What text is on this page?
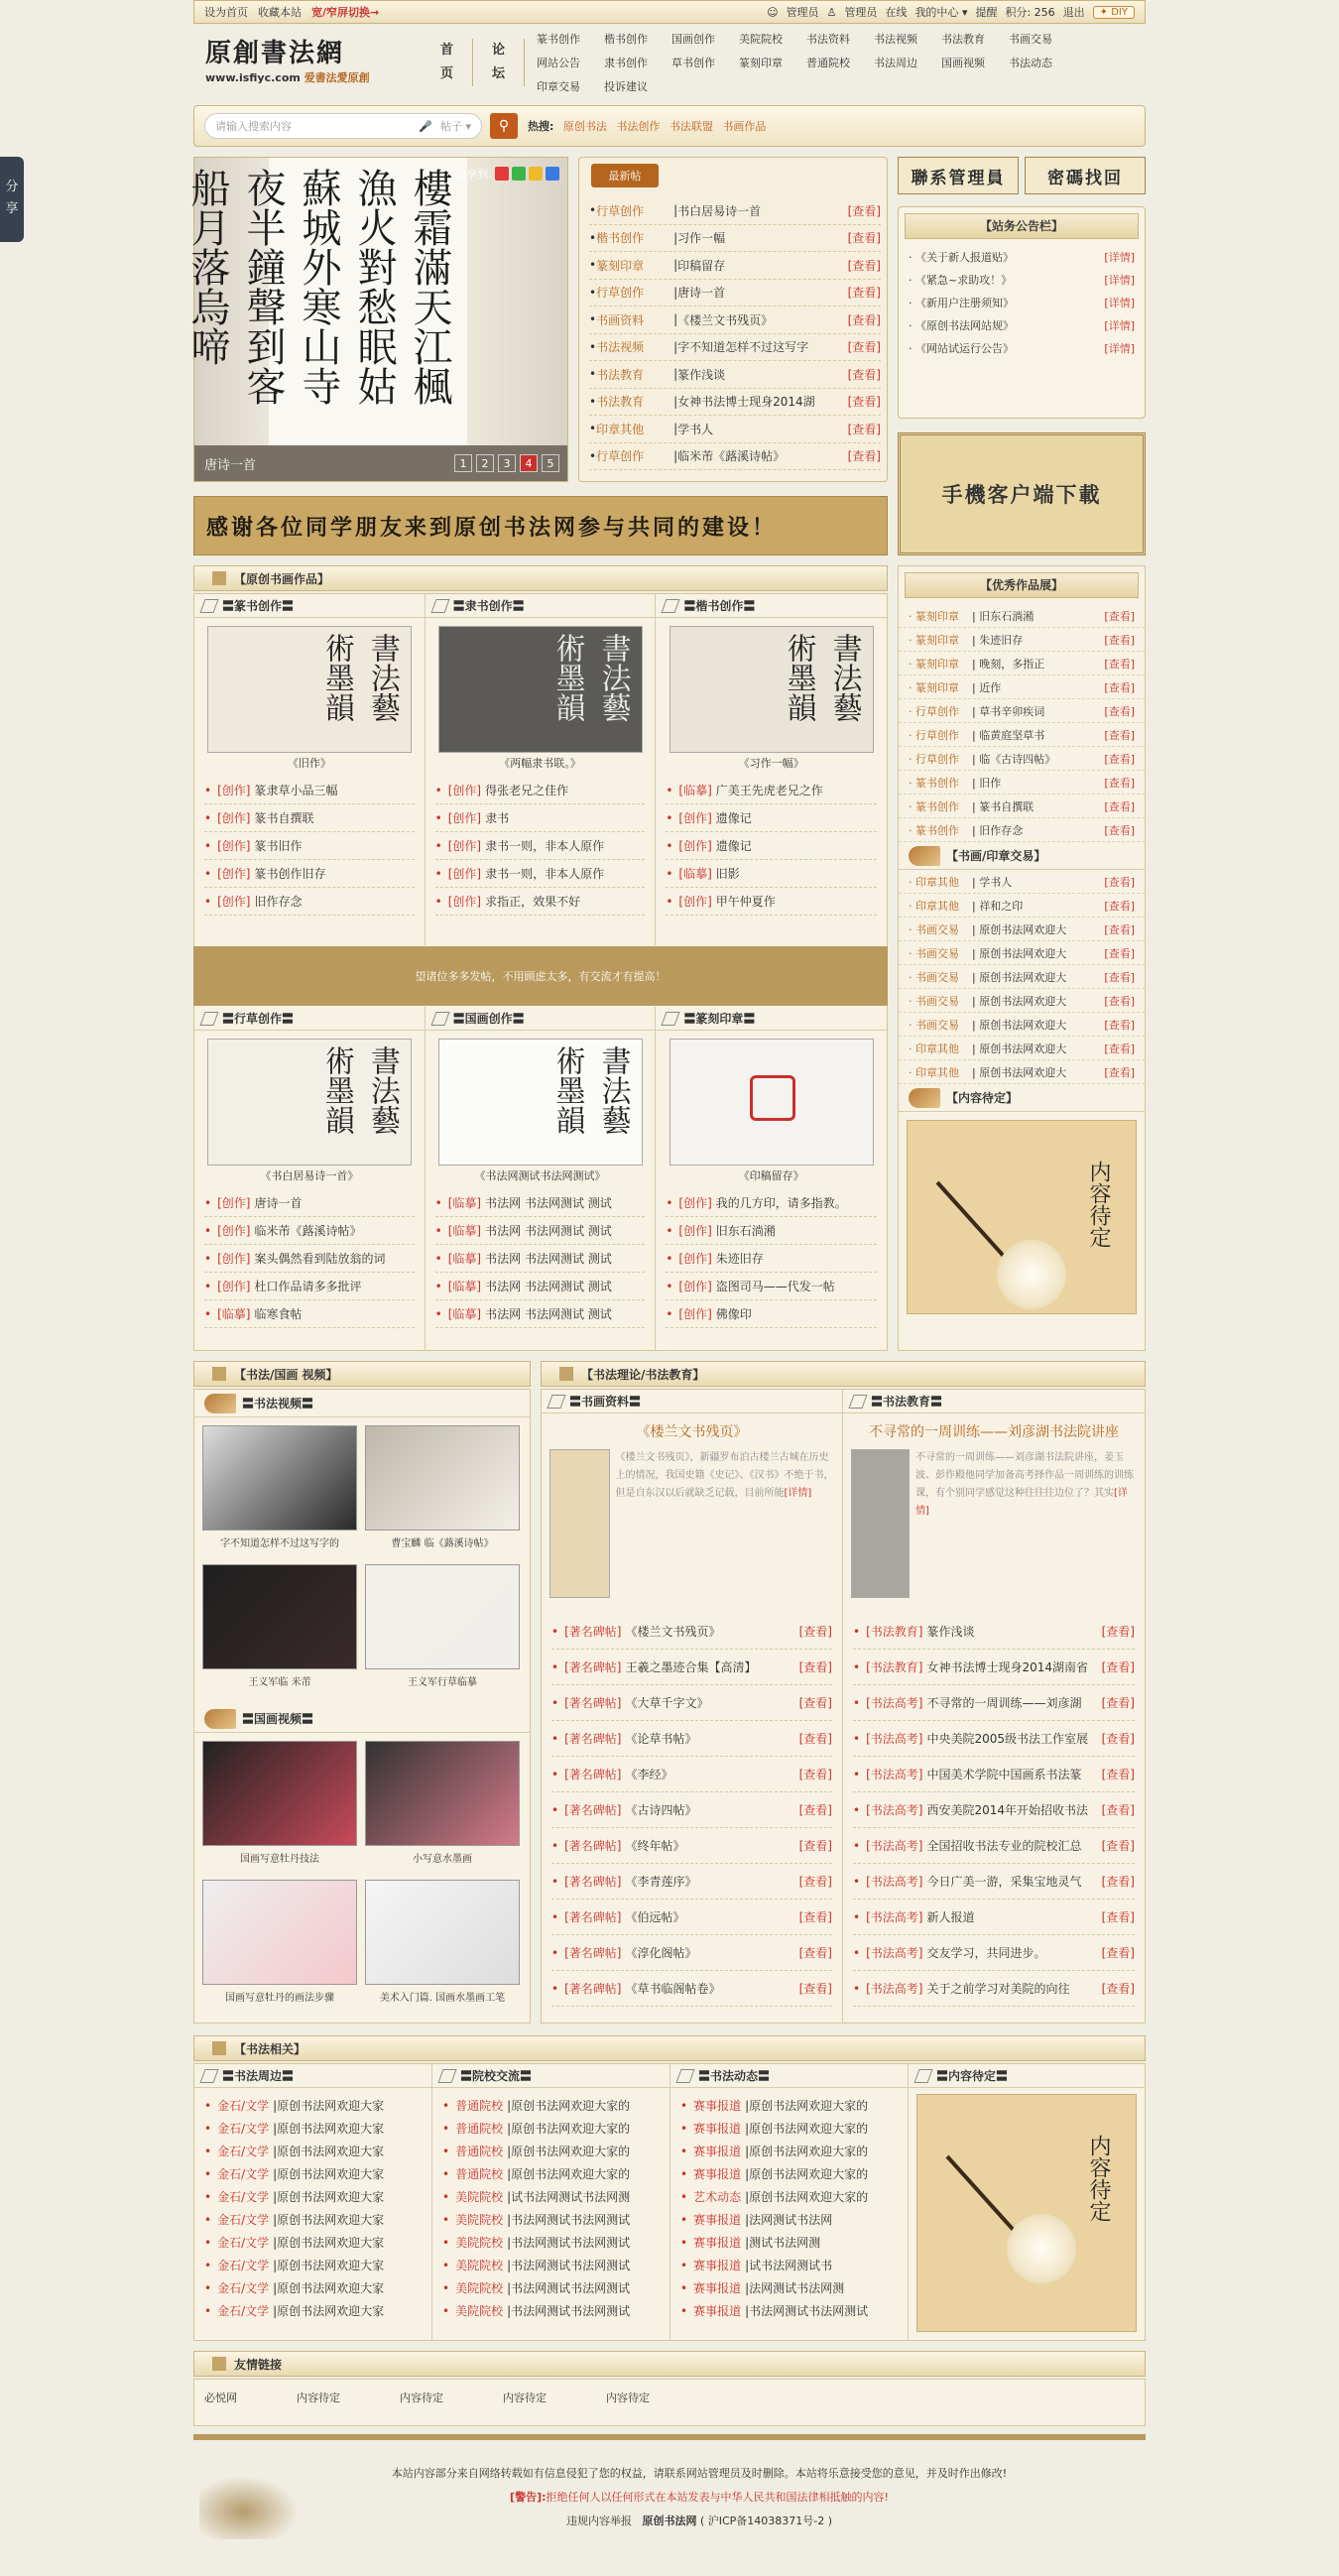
设为首页 收藏本站 宽/窄屏切换→	☺ 管理员 ♙ 管理员 在线 我的中心 ▾ 提醒 积分: 256 退出	✦ DIY
原創書法網
www.isfiyc.com 爱書法愛原創
首
页
论
坛
篆书创作	楷书创作	国画创作	美院院校	书法资料	书法视频	书法教育	书画交易
网站公告	隶书创作	草书创作	篆刻印章	普通院校	书法周边	国画视频	书法动态
印章交易	投诉建议
请输入搜索内容	🎤 帖子 ▾ ⚲ 热搜: 原创书法 书法创作 书法联盟 书画作品
分享	樓霜滿天江楓漁火對愁眠姑蘇城外寒山寺夜半鐘聲到客船月落烏啼	分享到:
唐诗一首	1	2	3	4	5
最新帖
• 行草创作	| 书白居易诗一首	[查看]
• 楷书创作	| 习作一幅	[查看]
• 篆刻印章	| 印稿留存	[查看]
• 行草创作	| 唐诗一首	[查看]
• 书画资料	| 《楼兰文书残页》	[查看]
• 书法视频	| 字不知道怎样不过这写字	[查看]
• 书法教育	| 篆作浅谈	[查看]
• 书法教育	| 女神书法博士现身2014湖	[查看]
• 印章其他	| 学书人	[查看]
• 行草创作	| 临米芾《蕗溪诗帖》	[查看]
聯系管理員	密碼找回
【站务公告栏】
· 《关于新人报道贴》	[详情]
· 《紧急~求助攻！》	[详情]
· 《新用户注册须知》	[详情]
· 《原创书法网站规》	[详情]
· 《网站试运行公告》	[详情]
手機客户端下載
感谢各位同学朋友来到原创书法网参与共同的建设！
【原创书画作品】
〓篆书创作〓
書法藝術墨韻
《旧作》
• [创作] 篆隶草小品三幅
• [创作] 篆书自撰联
• [创作] 篆书旧作
• [创作] 篆书创作旧存
• [创作] 旧作存念
〓隶书创作〓
書法藝術墨韻
《两幅隶书联。》
• [创作] 得张老兄之佳作
• [创作] 隶书
• [创作] 隶书一则，非本人原作
• [创作] 隶书一则，非本人原作
• [创作] 求指正，效果不好
〓楷书创作〓
書法藝術墨韻
《习作一幅》
• [临摹] 广美王先虎老兄之作
• [创作] 遗像记
• [创作] 遗像记
• [临摹] 旧影
• [创作] 甲午仲夏作
〓行草创作〓
書法藝術墨韻
《书白居易诗一首》
• [创作] 唐诗一首
• [创作] 临米芾《蕗溪诗帖》
• [创作] 案头偶然看到陆放翁的词
• [创作] 杜口作品请多多批评
• [临摹] 临寒食帖
〓国画创作〓
書法藝術墨韻
《书法网测试书法网测试》
• [临摹] 书法网 书法网测试 测试
• [临摹] 书法网 书法网测试 测试
• [临摹] 书法网 书法网测试 测试
• [临摹] 书法网 书法网测试 测试
• [临摹] 书法网 书法网测试 测试
〓篆刻印章〓
《印稿留存》
• [创作] 我的几方印，请多指教。
• [创作] 旧东石淌潲
• [创作] 朱迹旧存
• [创作] 盗图司马——代发一帖
• [创作] 佛像印
望诸位多多发帖，不用顾虑太多，有交流才有提高！
【优秀作品展】
· 篆刻印章	| 旧东石淌潲	[查看]
· 篆刻印章	| 朱迹旧存	[查看]
· 篆刻印章	| 晚刻，多指正	[查看]
· 篆刻印章	| 近作	[查看]
· 行草创作	| 草书辛卯疾词	[查看]
· 行草创作	| 临黄庭坚草书	[查看]
· 行草创作	| 临《古诗四帖》	[查看]
· 篆书创作	| 旧作	[查看]
· 篆书创作	| 篆书自撰联	[查看]
· 篆书创作	| 旧作存念	[查看]
【书画/印章交易】
· 印章其他	| 学书人	[查看]
· 印章其他	| 祥和之印	[查看]
· 书画交易	| 原创书法网欢迎大	[查看]
· 书画交易	| 原创书法网欢迎大	[查看]
· 书画交易	| 原创书法网欢迎大	[查看]
· 书画交易	| 原创书法网欢迎大	[查看]
· 书画交易	| 原创书法网欢迎大	[查看]
· 印章其他	| 原创书法网欢迎大	[查看]
· 印章其他	| 原创书法网欢迎大	[查看]
【内容待定】
内容待定
【书法/国画 视频】
〓书法视频〓
字不知道怎样不过这写字的	曹宝麟 临《蕗溪诗帖》
王义军临 米芾	王义军行草临摹
〓国画视频〓
国画写意牡丹技法	小写意水墨画
国画写意牡丹的画法步骤	美术入门篇. 国画水墨画工笔
【书法理论/书法教育】
〓书画资料〓
《楼兰文书残页》
《楼兰文书残页》，新疆罗布泊古楼兰古城在历史上的情况，我国史籍《史记》、《汉书》不绝于书，但是自东汉以后就缺乏记载，目前所能[详情]
• [著名碑帖] 《楼兰文书残页》	[查看]
• [著名碑帖] 王羲之墨迹合集【高清】	[查看]
• [著名碑帖] 《大草千字文》	[查看]
• [著名碑帖] 《论草书帖》	[查看]
• [著名碑帖] 《李经》	[查看]
• [著名碑帖] 《古诗四帖》	[查看]
• [著名碑帖] 《终年帖》	[查看]
• [著名碑帖] 《李青莲序》	[查看]
• [著名碑帖] 《伯远帖》	[查看]
• [著名碑帖] 《淳化阁帖》	[查看]
• [著名碑帖] 《草书临阁帖卷》	[查看]
〓书法教育〓
不寻常的一周训练——刘彦湖书法院讲座
不寻常的一周训练——刘彦湖书法院讲座，姜玉波、彭作殿他同学加备高考择作品一周训练的训练课，有个别同学感觉这种往往往边位了？其实[详情]
• [书法教育] 篆作浅谈	[查看]
• [书法教育] 女神书法博士现身2014湖南省	[查看]
• [书法高考] 不寻常的一周训练——刘彦湖	[查看]
• [书法高考] 中央美院2005级书法工作室展	[查看]
• [书法高考] 中国美术学院中国画系书法篆	[查看]
• [书法高考] 西安美院2014年开始招收书法	[查看]
• [书法高考] 全国招收书法专业的院校汇总	[查看]
• [书法高考] 今日广美一游，采集宝地灵气	[查看]
• [书法高考] 新人报道	[查看]
• [书法高考] 交友学习，共同进步。	[查看]
• [书法高考] 关于之前学习对美院的向往	[查看]
【书法相关】
〓书法周边〓
• 金石/文学 | 原创书法网欢迎大家
• 金石/文学 | 原创书法网欢迎大家
• 金石/文学 | 原创书法网欢迎大家
• 金石/文学 | 原创书法网欢迎大家
• 金石/文学 | 原创书法网欢迎大家
• 金石/文学 | 原创书法网欢迎大家
• 金石/文学 | 原创书法网欢迎大家
• 金石/文学 | 原创书法网欢迎大家
• 金石/文学 | 原创书法网欢迎大家
• 金石/文学 | 原创书法网欢迎大家
〓院校交流〓
• 普通院校 | 原创书法网欢迎大家的
• 普通院校 | 原创书法网欢迎大家的
• 普通院校 | 原创书法网欢迎大家的
• 普通院校 | 原创书法网欢迎大家的
• 美院院校 | 试书法网测试书法网测
• 美院院校 | 书法网测试书法网测试
• 美院院校 | 书法网测试书法网测试
• 美院院校 | 书法网测试书法网测试
• 美院院校 | 书法网测试书法网测试
• 美院院校 | 书法网测试书法网测试
〓书法动态〓
• 赛事报道 | 原创书法网欢迎大家的
• 赛事报道 | 原创书法网欢迎大家的
• 赛事报道 | 原创书法网欢迎大家的
• 赛事报道 | 原创书法网欢迎大家的
• 艺术动态 | 原创书法网欢迎大家的
• 赛事报道 | 法网测试书法网
• 赛事报道 | 测试书法网测
• 赛事报道 | 试书法网测试书
• 赛事报道 | 法网测试书法网测
• 赛事报道 | 书法网测试书法网测试
〓内容待定〓
内容待定
友情链接
必悦网	内容待定	内容待定	内容待定	内容待定
本站内容部分来自网络转载如有信息侵犯了您的权益，请联系网站管理员及时删除。本站将乐意接受您的意见，并及时作出修改!
[警告]:拒绝任何人以任何形式在本站发表与中华人民共和国法律相抵触的内容!
违规内容举报 原创书法网 ( 沪ICP备14038371号-2 )
